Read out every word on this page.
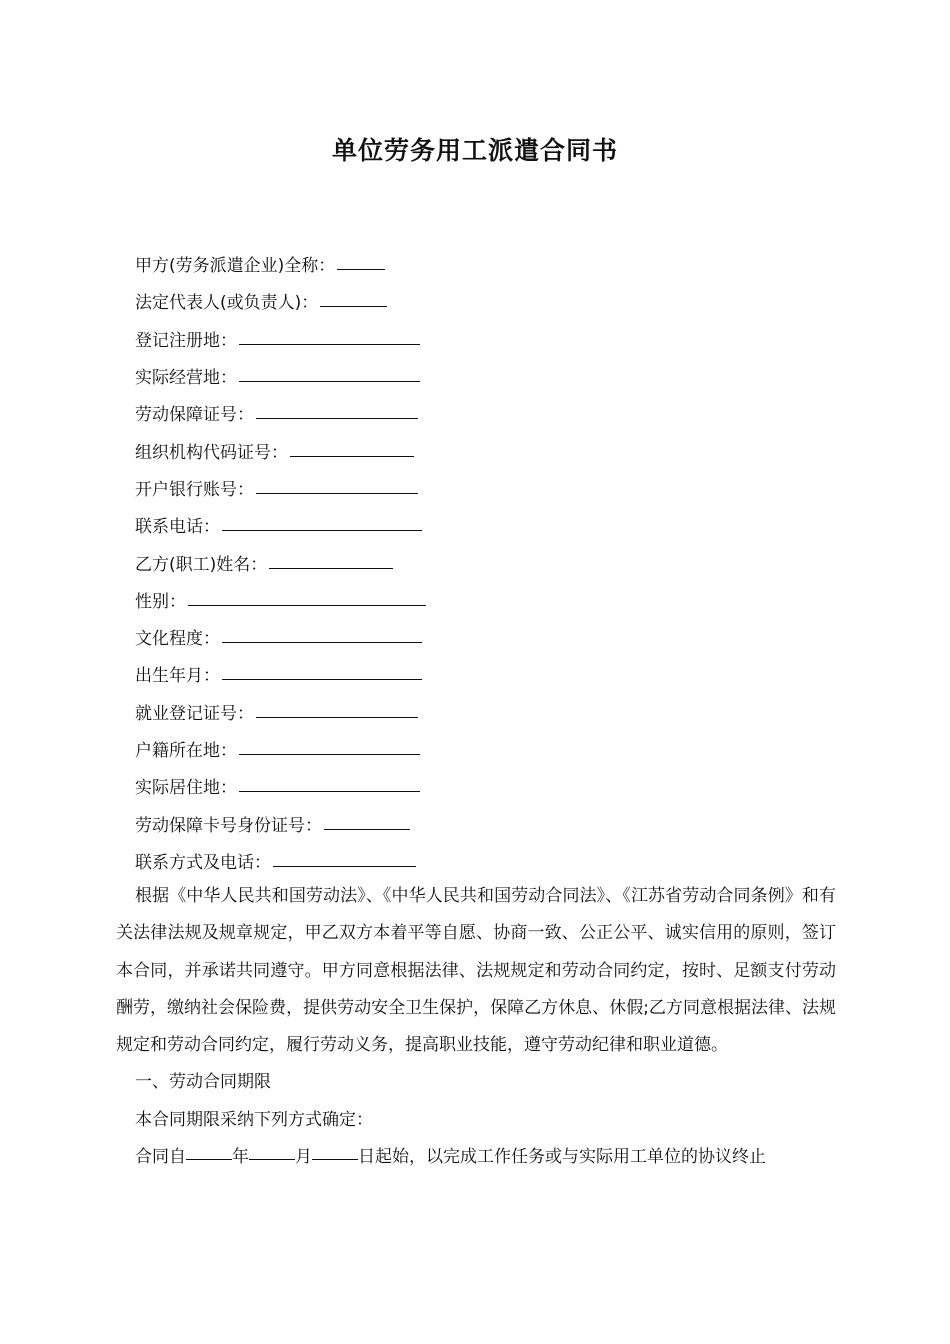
单位劳务用工派遣合同书
甲方(劳务派遣企业)全称：
法定代表人(或负责人)：
登记注册地：
实际经营地：
劳动保障证号：
组织机构代码证号：
开户银行账号：
联系电话：
乙方(职工)姓名：
性别：
文化程度：
出生年月：
就业登记证号：
户籍所在地：
实际居住地：
劳动保障卡号身份证号：
联系方式及电话：

根据《中华人民共和国劳动法》、《中华人民共和国劳动合同法》、《江苏省劳动合同条例》和有关法律法规及规章规定，甲乙双方本着平等自愿、协商一致、公正公平、诚实信用的原则，签订本合同，并承诺共同遵守。甲方同意根据法律、法规规定和劳动合同约定，按时、足额支付劳动酬劳，缴纳社会保险费，提供劳动安全卫生保护，保障乙方休息、休假;乙方同意根据法律、法规规定和劳动合同约定，履行劳动义务，提高职业技能，遵守劳动纪律和职业道德。

一、劳动合同期限

本合同期限采纳下列方式确定：

合同自	年	月	日起始，以完成工作任务或与实际用工单位的协议终止
